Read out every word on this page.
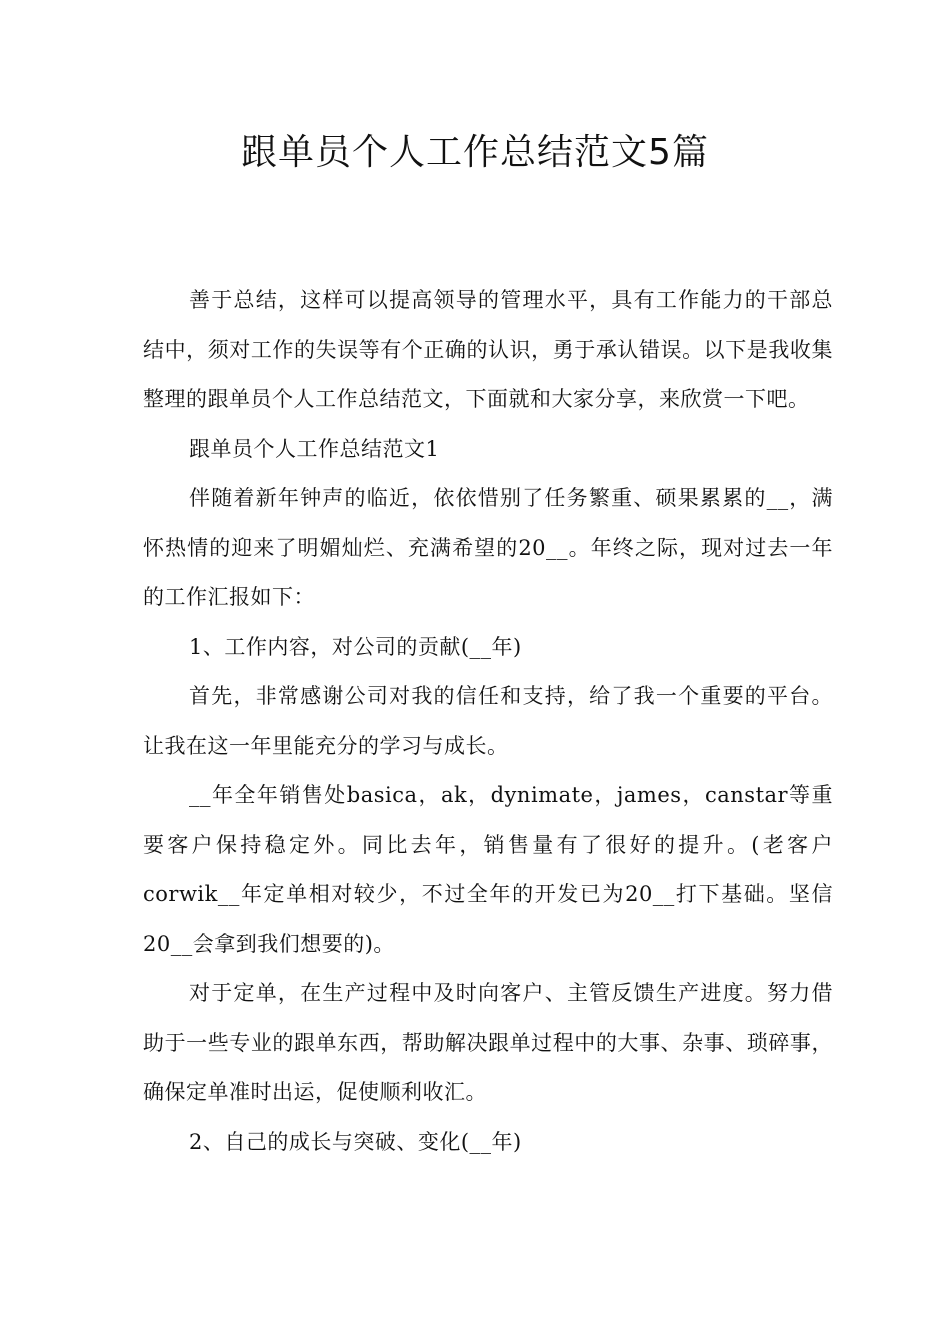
跟单员个人工作总结范文5篇

善于总结，这样可以提高领导的管理水平，具有工作能力的干部总结中，须对工作的失误等有个正确的认识，勇于承认错误。以下是我收集整理的跟单员个人工作总结范文，下面就和大家分享，来欣赏一下吧。

跟单员个人工作总结范文1

伴随着新年钟声的临近，依依惜别了任务繁重、硕果累累的__，满怀热情的迎来了明媚灿烂、充满希望的20__。年终之际，现对过去一年的工作汇报如下：

1、工作内容，对公司的贡献(__年)

首先，非常感谢公司对我的信任和支持，给了我一个重要的平台。让我在这一年里能充分的学习与成长。

__年全年销售处basica，ak，dynimate，james，canstar等重要客户保持稳定外。同比去年，销售量有了很好的提升。(老客户corwik__年定单相对较少，不过全年的开发已为20__打下基础。坚信20__会拿到我们想要的)。

对于定单，在生产过程中及时向客户、主管反馈生产进度。努力借助于一些专业的跟单东西，帮助解决跟单过程中的大事、杂事、琐碎事，确保定单准时出运，促使顺利收汇。

2、自己的成长与突破、变化(__年)
